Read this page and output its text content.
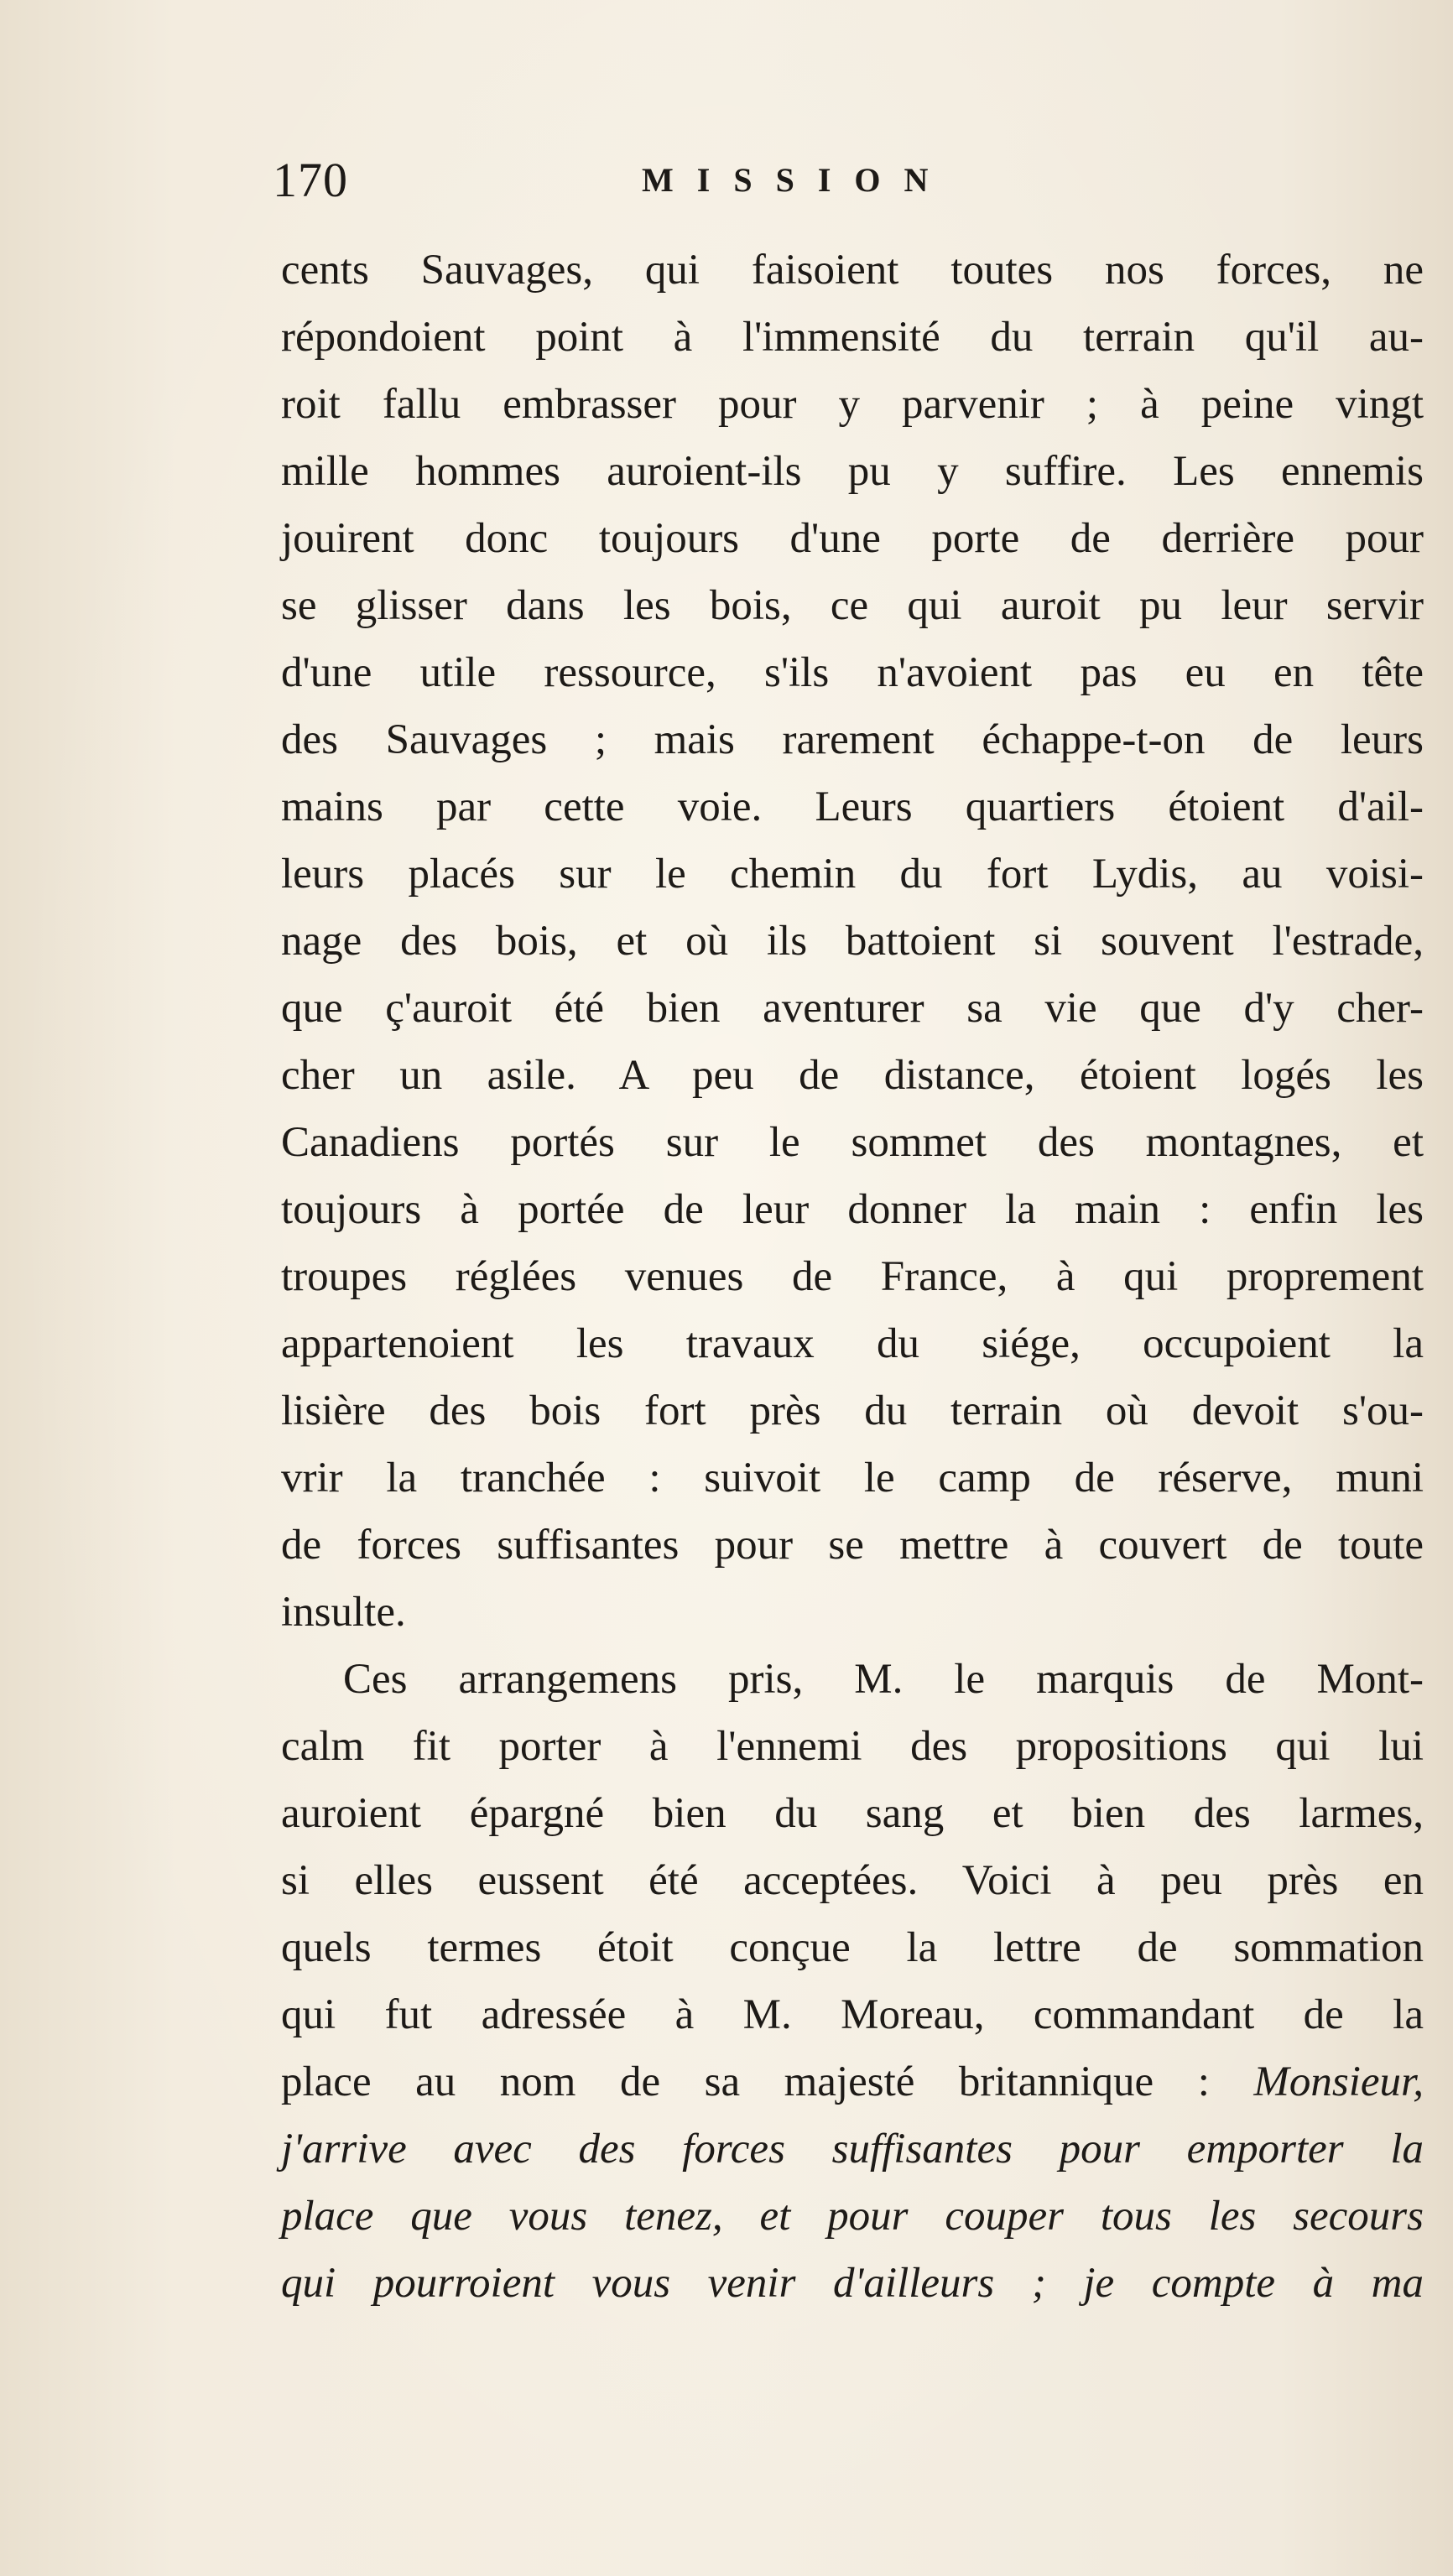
170	MISSION
cents Sauvages, qui faisoient toutes nos forces, ne
répondoient point à l'immensité du terrain qu'il au-
roit fallu embrasser pour y parvenir ; à peine vingt
mille hommes auroient-ils pu y suffire. Les ennemis
jouirent donc toujours d'une porte de derrière pour
se glisser dans les bois, ce qui auroit pu leur servir
d'une utile ressource, s'ils n'avoient pas eu en tête
des Sauvages ; mais rarement échappe-t-on de leurs
mains par cette voie. Leurs quartiers étoient d'ail-
leurs placés sur le chemin du fort Lydis, au voisi-
nage des bois, et où ils battoient si souvent l'estrade,
que ç'auroit été bien aventurer sa vie que d'y cher-
cher un asile. A peu de distance, étoient logés les
Canadiens portés sur le sommet des montagnes, et
toujours à portée de leur donner la main : enfin les
troupes réglées venues de France, à qui proprement
appartenoient les travaux du siége, occupoient la
lisière des bois fort près du terrain où devoit s'ou-
vrir la tranchée : suivoit le camp de réserve, muni
de forces suffisantes pour se mettre à couvert de toute
insulte.
Ces arrangemens pris, M. le marquis de Mont-
calm fit porter à l'ennemi des propositions qui lui
auroient épargné bien du sang et bien des larmes,
si elles eussent été acceptées. Voici à peu près en
quels termes étoit conçue la lettre de sommation
qui fut adressée à M. Moreau, commandant de la
place au nom de sa majesté britannique : Monsieur,
j'arrive avec des forces suffisantes pour emporter la
place que vous tenez, et pour couper tous les secours
qui pourroient vous venir d'ailleurs ; je compte à ma
